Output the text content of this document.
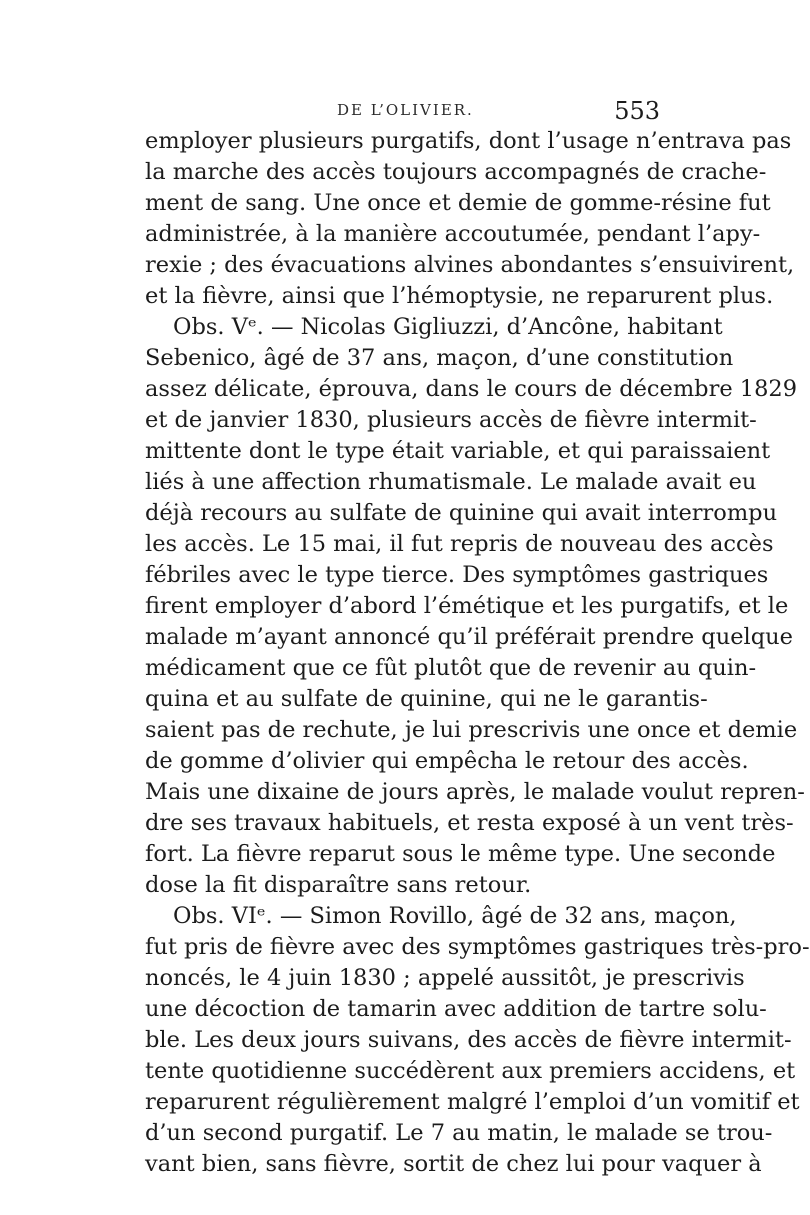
DE L’OLIVIER.	553
employer plusieurs purgatifs, dont l’usage n’entrava pas
la marche des accès toujours accompagnés de crache-
ment de sang. Une once et demie de gomme-résine fut
administrée, à la manière accoutumée, pendant l’apy-
rexie ; des évacuations alvines abondantes s’ensuivirent,
et la fièvre, ainsi que l’hémoptysie, ne reparurent plus.
Obs. Vᵉ. — Nicolas Gigliuzzi, d’Ancône, habitant
Sebenico, âgé de 37 ans, maçon, d’une constitution
assez délicate, éprouva, dans le cours de décembre 1829
et de janvier 1830, plusieurs accès de fièvre intermit-
mittente dont le type était variable, et qui paraissaient
liés à une affection rhumatismale. Le malade avait eu
déjà recours au sulfate de quinine qui avait interrompu
les accès. Le 15 mai, il fut repris de nouveau des accès
fébriles avec le type tierce. Des symptômes gastriques
firent employer d’abord l’émétique et les purgatifs, et le
malade m’ayant annoncé qu’il préférait prendre quelque
médicament que ce fût plutôt que de revenir au quin-
quina et au sulfate de quinine, qui ne le garantis-
saient pas de rechute, je lui prescrivis une once et demie
de gomme d’olivier qui empêcha le retour des accès.
Mais une dixaine de jours après, le malade voulut repren-
dre ses travaux habituels, et resta exposé à un vent très-
fort. La fièvre reparut sous le même type. Une seconde
dose la fit disparaître sans retour.
Obs. VIᵉ. — Simon Rovillo, âgé de 32 ans, maçon,
fut pris de fièvre avec des symptômes gastriques très-pro-
noncés, le 4 juin 1830 ; appelé aussitôt, je prescrivis
une décoction de tamarin avec addition de tartre solu-
ble. Les deux jours suivans, des accès de fièvre intermit-
tente quotidienne succédèrent aux premiers accidens, et
reparurent régulièrement malgré l’emploi d’un vomitif et
d’un second purgatif. Le 7 au matin, le malade se trou-
vant bien, sans fièvre, sortit de chez lui pour vaquer à
